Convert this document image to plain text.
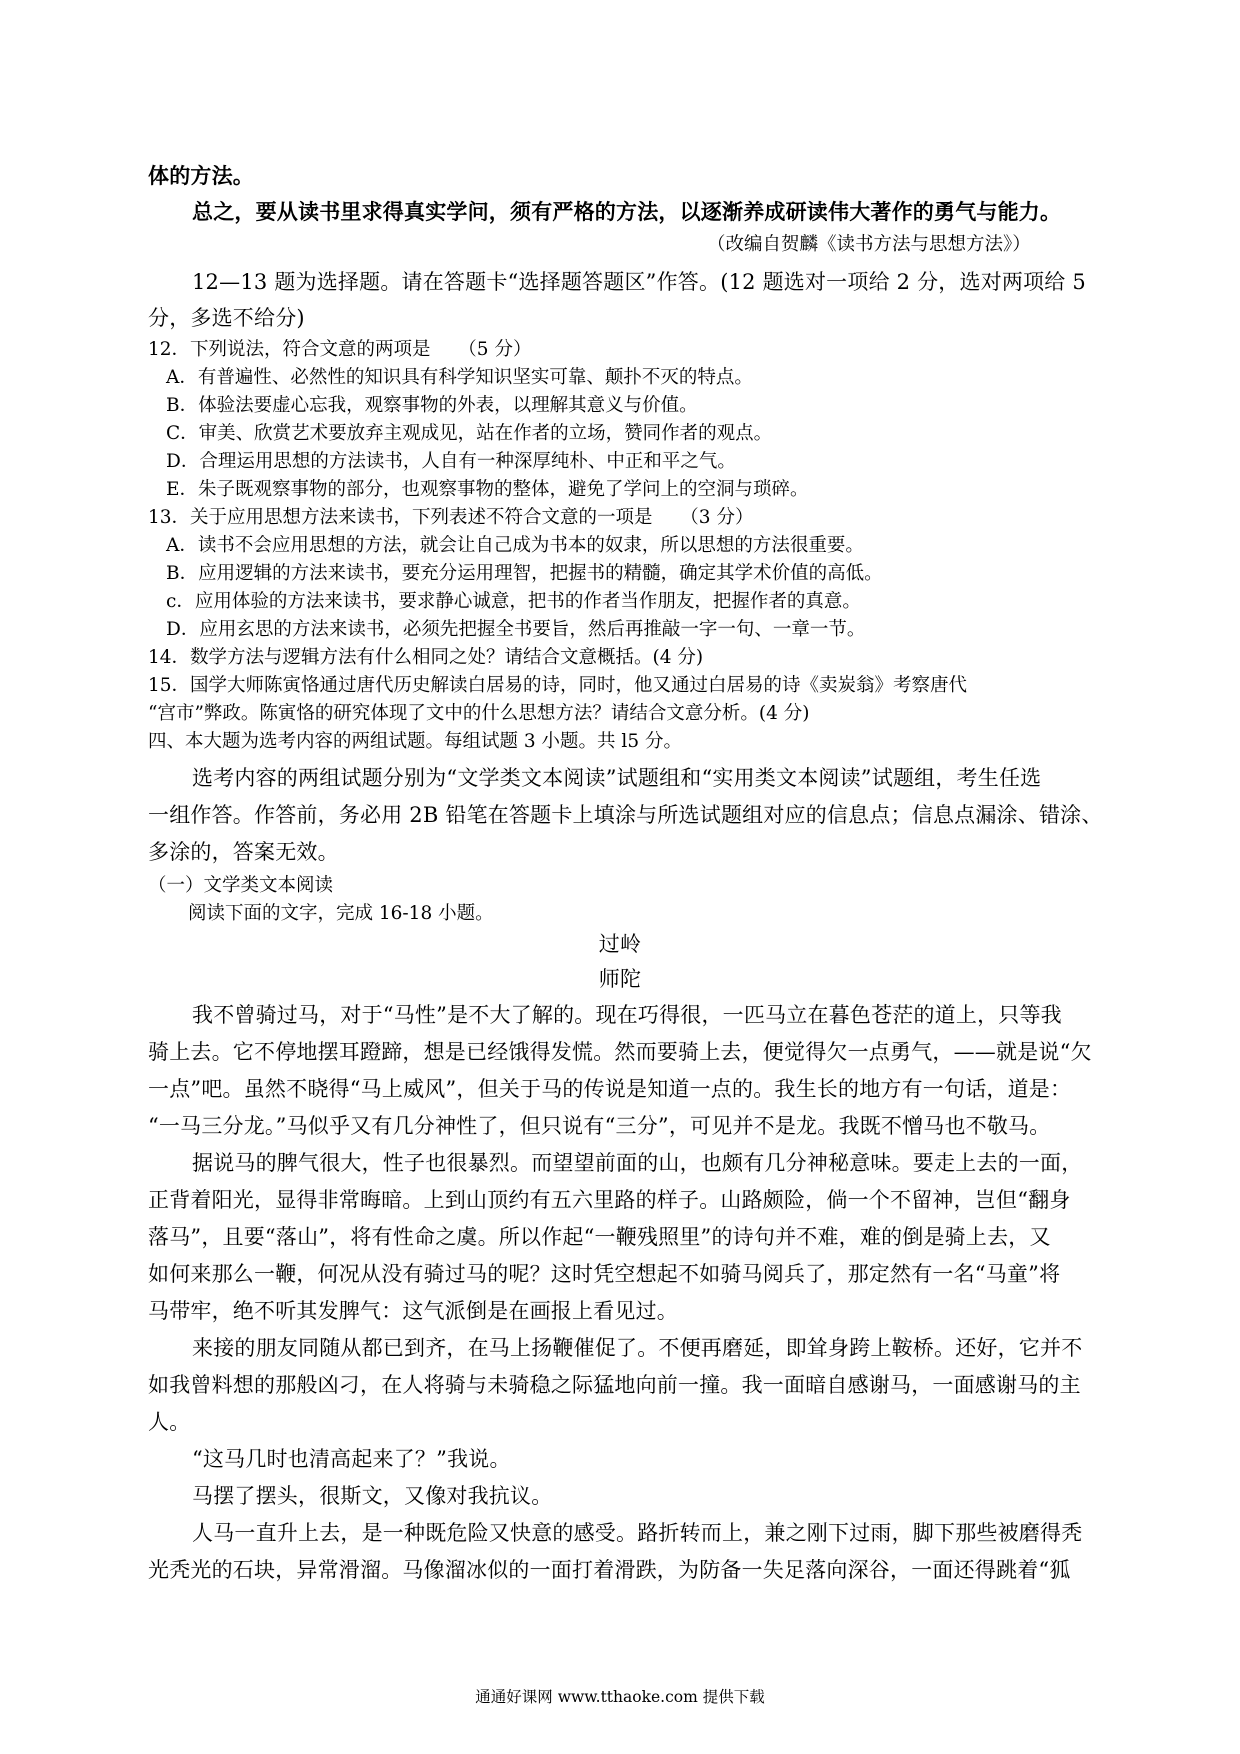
体的方法。
总之，要从读书里求得真实学问，须有严格的方法，以逐渐养成研读伟大著作的勇气与能力。
（改编自贺麟《读书方法与思想方法》）
12—13 题为选择题。请在答题卡“选择题答题区”作答。(12 题选对一项给 2 分，选对两项给 5
分，多选不给分)
12．下列说法，符合文意的两项是　　（5 分）
A．有普遍性、必然性的知识具有科学知识坚实可靠、颠扑不灭的特点。
B．体验法要虚心忘我，观察事物的外表，以理解其意义与价值。
C．审美、欣赏艺术要放弃主观成见，站在作者的立场，赞同作者的观点。
D．合理运用思想的方法读书，人自有一种深厚纯朴、中正和平之气。
E．朱子既观察事物的部分，也观察事物的整体，避免了学问上的空洞与琐碎。
13．关于应用思想方法来读书，下列表述不符合文意的一项是　　（3 分）
A．读书不会应用思想的方法，就会让自己成为书本的奴隶，所以思想的方法很重要。
B．应用逻辑的方法来读书，要充分运用理智，把握书的精髓，确定其学术价值的高低。
c．应用体验的方法来读书，要求静心诚意，把书的作者当作朋友，把握作者的真意。
D．应用玄思的方法来读书，必须先把握全书要旨，然后再推敲一字一句、一章一节。
14．数学方法与逻辑方法有什么相同之处？请结合文意概括。(4 分)
15．国学大师陈寅恪通过唐代历史解读白居易的诗，同时，他又通过白居易的诗《卖炭翁》考察唐代
“宫市”弊政。陈寅恪的研究体现了文中的什么思想方法？请结合文意分析。(4 分)
四、本大题为选考内容的两组试题。每组试题 3 小题。共 l5 分。
选考内容的两组试题分别为“文学类文本阅读”试题组和“实用类文本阅读”试题组，考生任选
一组作答。作答前，务必用 2B 铅笔在答题卡上填涂与所选试题组对应的信息点；信息点漏涂、错涂、
多涂的，答案无效。
（一）文学类文本阅读
阅读下面的文字，完成 16-18 小题。
过岭
师陀
我不曾骑过马，对于“马性”是不大了解的。现在巧得很，一匹马立在暮色苍茫的道上，只等我
骑上去。它不停地摆耳蹬蹄，想是已经饿得发慌。然而要骑上去，便觉得欠一点勇气，——就是说“欠
一点”吧。虽然不晓得“马上威风”，但关于马的传说是知道一点的。我生长的地方有一句话，道是：
“一马三分龙。”马似乎又有几分神性了，但只说有“三分”，可见并不是龙。我既不憎马也不敬马。
据说马的脾气很大，性子也很暴烈。而望望前面的山，也颇有几分神秘意味。要走上去的一面，
正背着阳光，显得非常晦暗。上到山顶约有五六里路的样子。山路颇险，倘一个不留神，岂但“翻身
落马”，且要“落山”，将有性命之虞。所以作起“一鞭残照里”的诗句并不难，难的倒是骑上去，又
如何来那么一鞭，何况从没有骑过马的呢？这时凭空想起不如骑马阅兵了，那定然有一名“马童”将
马带牢，绝不听其发脾气：这气派倒是在画报上看见过。
来接的朋友同随从都已到齐，在马上扬鞭催促了。不便再磨延，即耸身跨上鞍桥。还好，它并不
如我曾料想的那般凶刁，在人将骑与未骑稳之际猛地向前一撞。我一面暗自感谢马，一面感谢马的主
人。
“这马几时也清高起来了？”我说。
马摆了摆头，很斯文，又像对我抗议。
人马一直升上去，是一种既危险又快意的感受。路折转而上，兼之刚下过雨，脚下那些被磨得秃
光秃光的石块，异常滑溜。马像溜冰似的一面打着滑跌，为防备一失足落向深谷，一面还得跳着“狐
通通好课网 www.tthaoke.com 提供下载
